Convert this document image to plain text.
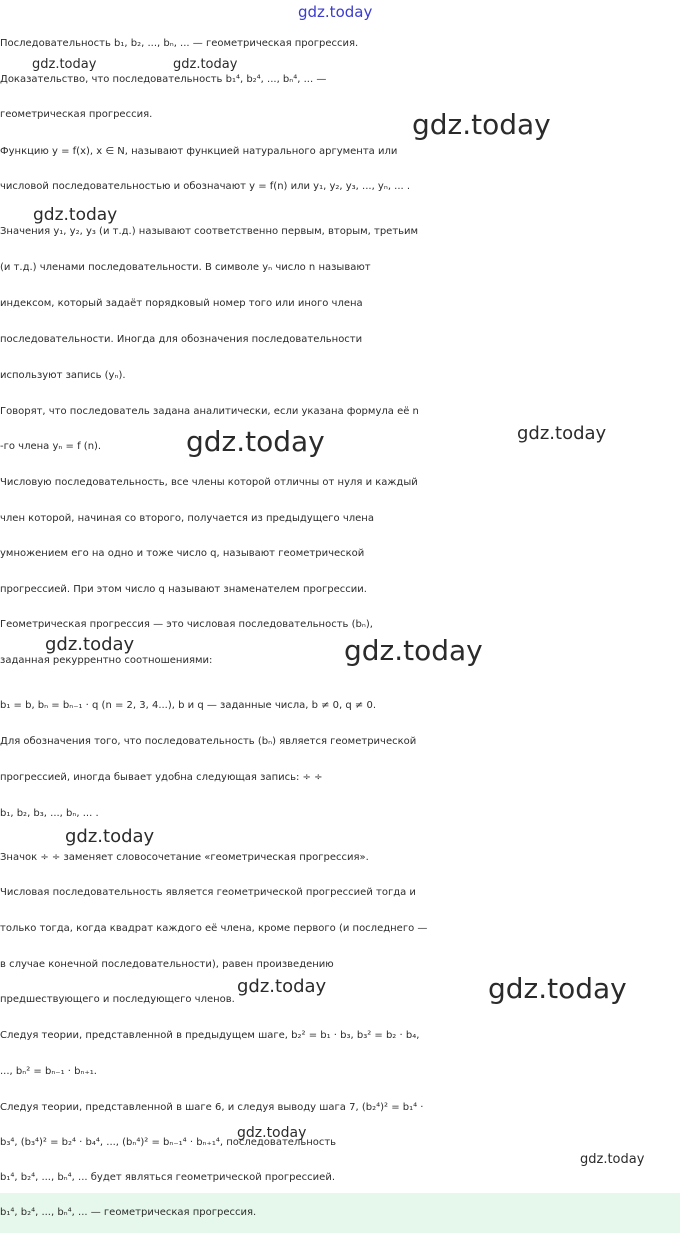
gdz.today
gdz.today	gdz.today
gdz.today
gdz.today
gdz.today	gdz.today
gdz.today	gdz.today
gdz.today
gdz.today	gdz.today
gdz.today
gdz.today
Последовательность b₁, b₂, ..., bₙ, ... — геометрическая прогрессия.
Доказательство, что последовательность b₁⁴, b₂⁴, ..., bₙ⁴, ... —
геометрическая прогрессия.
Функцию y = f(x), x ∈ N, называют функцией натурального аргумента или
числовой последовательностью и обозначают y = f(n) или y₁, y₂, y₃, ..., yₙ, ... .
Значения y₁, y₂, y₃ (и т.д.) называют соответственно первым, вторым, третьим
(и т.д.) членами последовательности. В символе yₙ число n называют
индексом, который задаёт порядковый номер того или иного члена
последовательности. Иногда для обозначения последовательности
используют запись (yₙ).
Говорят, что последователь задана аналитически, если указана формула её n
-го члена yₙ = f (n).
Числовую последовательность, все члены которой отличны от нуля и каждый
член которой, начиная со второго, получается из предыдущего члена
умножением его на одно и тоже число q, называют геометрической
прогрессией. При этом число q называют знаменателем прогрессии.
Геометрическая прогрессия — это числовая последовательность (bₙ),
заданная рекуррентно соотношениями:
b₁ = b, bₙ = bₙ₋₁ · q (n = 2, 3, 4...), b и q — заданные числа, b ≠ 0, q ≠ 0.
Для обозначения того, что последовательность (bₙ) является геометрической
прогрессией, иногда бывает удобна следующая запись: ÷ ÷
b₁, b₂, b₃, ..., bₙ, ... .
Значок ÷ ÷ заменяет словосочетание «геометрическая прогрессия».
Числовая последовательность является геометрической прогрессией тогда и
только тогда, когда квадрат каждого её члена, кроме первого (и последнего —
в случае конечной последовательности), равен произведению
предшествующего и последующего членов.
Следуя теории, представленной в предыдущем шаге, b₂² = b₁ · b₃, b₃² = b₂ · b₄,
..., bₙ² = bₙ₋₁ · bₙ₊₁.
Следуя теории, представленной в шаге 6, и следуя выводу шага 7, (b₂⁴)² = b₁⁴ ·
b₃⁴, (b₃⁴)² = b₂⁴ · b₄⁴, ..., (bₙ⁴)² = bₙ₋₁⁴ · bₙ₊₁⁴, последовательность
b₁⁴, b₂⁴, ..., bₙ⁴, ... будет являться геометрической прогрессией.
b₁⁴, b₂⁴, ..., bₙ⁴, ... — геометрическая прогрессия.
